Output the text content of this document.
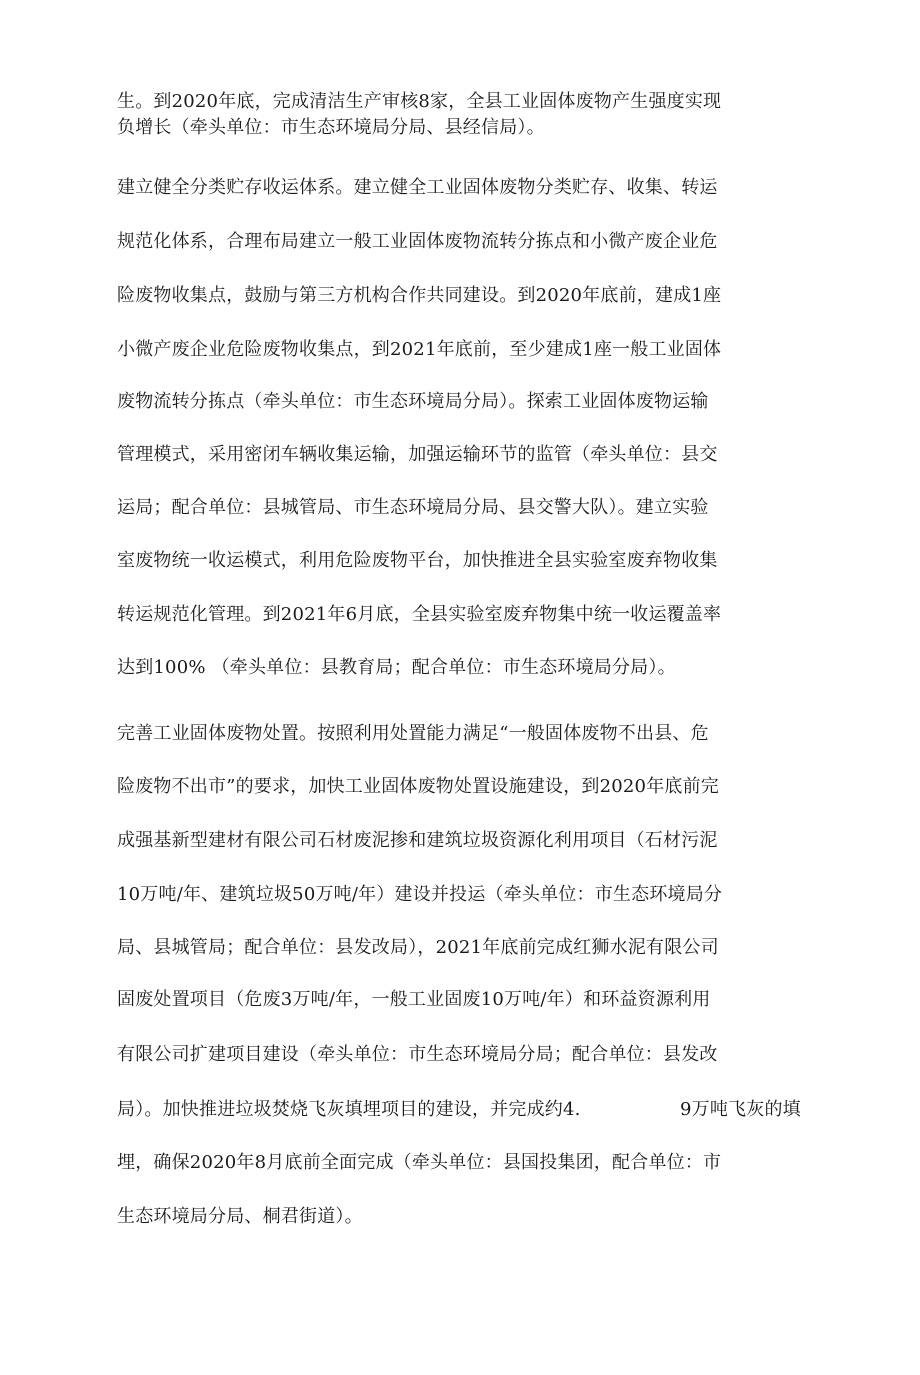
生。到2020年底，完成清洁生产审核8家，全县工业固体废物产生强度实现
负增长（牵头单位：市生态环境局分局、县经信局）。
建立健全分类贮存收运体系。建立健全工业固体废物分类贮存、收集、转运
规范化体系，合理布局建立一般工业固体废物流转分拣点和小微产废企业危
险废物收集点，鼓励与第三方机构合作共同建设。到2020年底前，建成1座
小微产废企业危险废物收集点，到2021年底前，至少建成1座一般工业固体
废物流转分拣点（牵头单位：市生态环境局分局）。探索工业固体废物运输
管理模式，采用密闭车辆收集运输，加强运输环节的监管（牵头单位：县交
运局；配合单位：县城管局、市生态环境局分局、县交警大队）。建立实验
室废物统一收运模式，利用危险废物平台，加快推进全县实验室废弃物收集
转运规范化管理。到2021年6月底，全县实验室废弃物集中统一收运覆盖率
达到100% （牵头单位：县教育局；配合单位：市生态环境局分局）。
完善工业固体废物处置。按照利用处置能力满足“一般固体废物不出县、危
险废物不出市”的要求，加快工业固体废物处置设施建设，到2020年底前完
成强基新型建材有限公司石材废泥掺和建筑垃圾资源化利用项目（石材污泥
10万吨/年、建筑垃圾50万吨/年）建设并投运（牵头单位：市生态环境局分
局、县城管局；配合单位：县发改局），2021年底前完成红狮水泥有限公司
固废处置项目（危废3万吨/年，一般工业固废10万吨/年）和环益资源利用
有限公司扩建项目建设（牵头单位：市生态环境局分局；配合单位：县发改
局）。加快推进垃圾焚烧飞灰填埋项目的建设，并完成约4.	9万吨飞灰的填
埋，确保2020年8月底前全面完成（牵头单位：县国投集团，配合单位：市
生态环境局分局、桐君街道）。
